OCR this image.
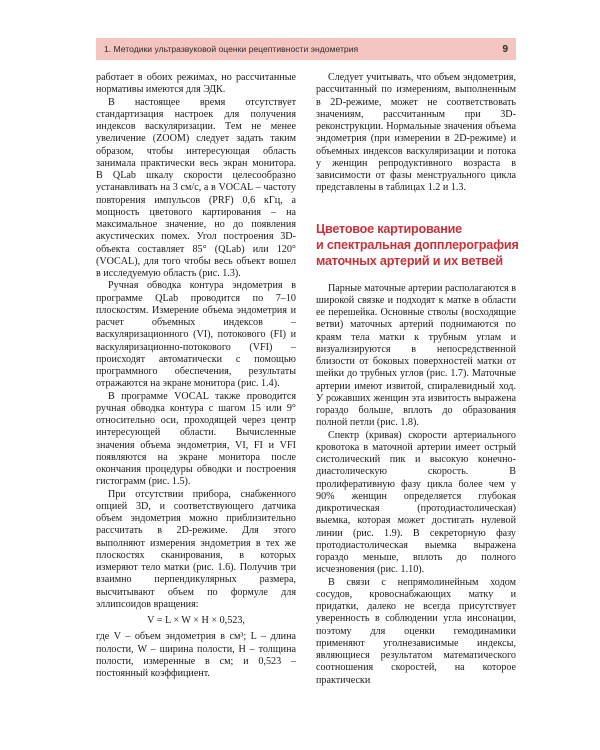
1. Методики ультразвуковой оценки рецептивности эндометрия	9

работает в обоих режимах, но рассчитанные нормативы имеются для ЭДК.

В настоящее время отсутствует стандартизация настроек для получения индексов васкуляризации. Тем не менее увеличение (ZOOM) следует задать таким образом, чтобы интересующая область занимала практически весь экран монитора. В QLab шкалу скорости целесообразно устанавливать на 3 см/с, а в VOCAL – частоту повторения импульсов (PRF) 0,6 кГц, а мощность цветового картирования – на максимальное значение, но до появления акустических помех. Угол построения 3D-объекта составляет 85° (QLab) или 120° (VOCAL), для того чтобы весь объект вошел в исследуемую область (рис. 1.3).

Ручная обводка контура эндометрия в программе QLab проводится по 7–10 плоскостям. Измерение объема эндометрия и расчет объемных индексов – васкуляризационного (VI), потокового (FI) и васкуляризационно-потокового (VFI) – происходят автоматически с помощью программного обеспечения, результаты отражаются на экране монитора (рис. 1.4).

В программе VOCAL также проводится ручная обводка контура с шагом 15 или 9° относительно оси, проходящей через центр интересующей области. Вычисленные значения объема эндометрия, VI, FI и VFI появляются на экране монитора после окончания процедуры обводки и построения гистограмм (рис. 1.5).

При отсутствии прибора, снабженного опцией 3D, и соответствующего датчика объем эндометрия можно приблизительно рассчитать в 2D-режиме. Для этого выполняют измерения эндометрия в тех же плоскостях сканирования, в которых измеряют тело матки (рис. 1.6). Получив три взаимно перпендикулярных размера, высчитывают объем по формуле для эллипсоидов вращения:

V = L × W × H × 0,523,

где V – объем эндометрия в см³; L – длина полости, W – ширина полости, H – толщина полости, измеренные в см; и 0,523 – постоянный коэффициент.

Следует учитывать, что объем эндометрия, рассчитанный по измерениям, выполненным в 2D-режиме, может не соответствовать значениям, рассчитанным при 3D-реконструкции. Нормальные значения объема эндометрия (при измерении в 2D-режиме) и объемных индексов васкуляризации и потока у женщин репродуктивного возраста в зависимости от фазы менструального цикла представлены в таблицах 1.2 и 1.3.

Цветовое картирование
и спектральная допплерография
маточных артерий и их ветвей

Парные маточные артерии располагаются в широкой связке и подходят к матке в области ее перешейка. Основные стволы (восходящие ветви) маточных артерий поднимаются по краям тела матки к трубным углам и визуализируются в непосредственной близости от боковых поверхностей матки от шейки до трубных углов (рис. 1.7). Маточные артерии имеют извитой, спиралевидный ход. У рожавших женщин эта извитость выражена гораздо больше, вплоть до образования полной петли (рис. 1.8).

Спектр (кривая) скорости артериального кровотока в маточной артерии имеет острый систолический пик и высокую конечно-диастолическую скорость. В пролиферативную фазу цикла более чем у 90% женщин определяется глубокая дикротическая (протодиастолическая) выемка, которая может достигать нулевой линии (рис. 1.9). В секреторную фазу протодиастолическая выемка выражена гораздо меньше, вплоть до полного исчезновения (рис. 1.10).

В связи с непрямолинейным ходом сосудов, кровоснабжающих матку и придатки, далеко не всегда присутствует уверенность в соблюдении угла инсонации, поэтому для оценки гемодинамики применяют уголнезависимые индексы, являющиеся результатом математического соотношения скоростей, на которое практически
